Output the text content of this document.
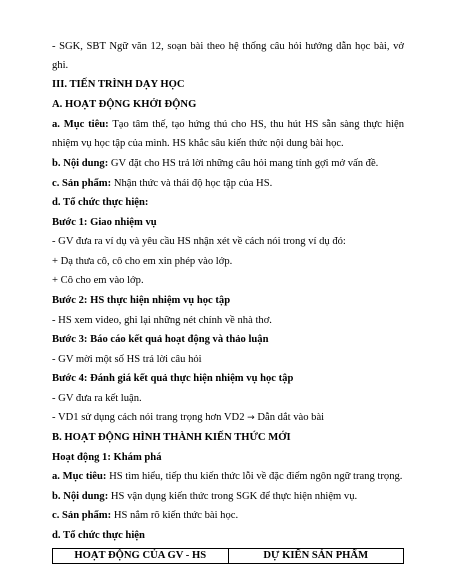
- SGK, SBT Ngữ văn 12, soạn bài theo hệ thống câu hỏi hướng dẫn học bài, vở
ghi.
III. TIẾN TRÌNH DẠY HỌC
A. HOẠT ĐỘNG KHỞI ĐỘNG
a. Mục tiêu: Tạo tâm thế, tạo hứng thú cho HS, thu hút HS sẵn sàng thực hiện
nhiệm vụ học tập của mình. HS khắc sâu kiến thức nội dung bài học.
b. Nội dung: GV đặt cho HS trả lời những câu hỏi mang tính gợi mở vấn đề.
c. Sản phẩm: Nhận thức và thái độ học tập của HS.
d. Tổ chức thực hiện:
Bước 1: Giao nhiệm vụ
- GV đưa ra ví dụ và yêu cầu HS nhận xét về cách nói trong ví dụ đó:
+ Dạ thưa cô, cô cho em xin phép vào lớp.
+ Cô cho em vào lớp.
Bước 2: HS thực hiện nhiệm vụ học tập
- HS xem video, ghi lại những nét chính về nhà thơ.
Bước 3: Báo cáo kết quả hoạt động và thảo luận
- GV mời một số HS trả lời câu hỏi
Bước 4: Đánh giá kết quả thực hiện nhiệm vụ học tập
- GV đưa ra kết luận.
- VD1 sử dụng cách nói trang trọng hơn VD2 → Dẫn dắt vào bài
B. HOẠT ĐỘNG HÌNH THÀNH KIẾN THỨC MỚI
Hoạt động 1: Khám phá
a. Mục tiêu: HS tìm hiểu, tiếp thu kiến thức lỗi về đặc điểm ngôn ngữ trang trọng.
b. Nội dung: HS vận dụng kiến thức trong SGK để thực hiện nhiệm vụ.
c. Sản phẩm: HS nắm rõ kiến thức bài học.
d. Tổ chức thực hiện
HOẠT ĐỘNG CỦA GV - HS	DỰ KIẾN SẢN PHẨM
